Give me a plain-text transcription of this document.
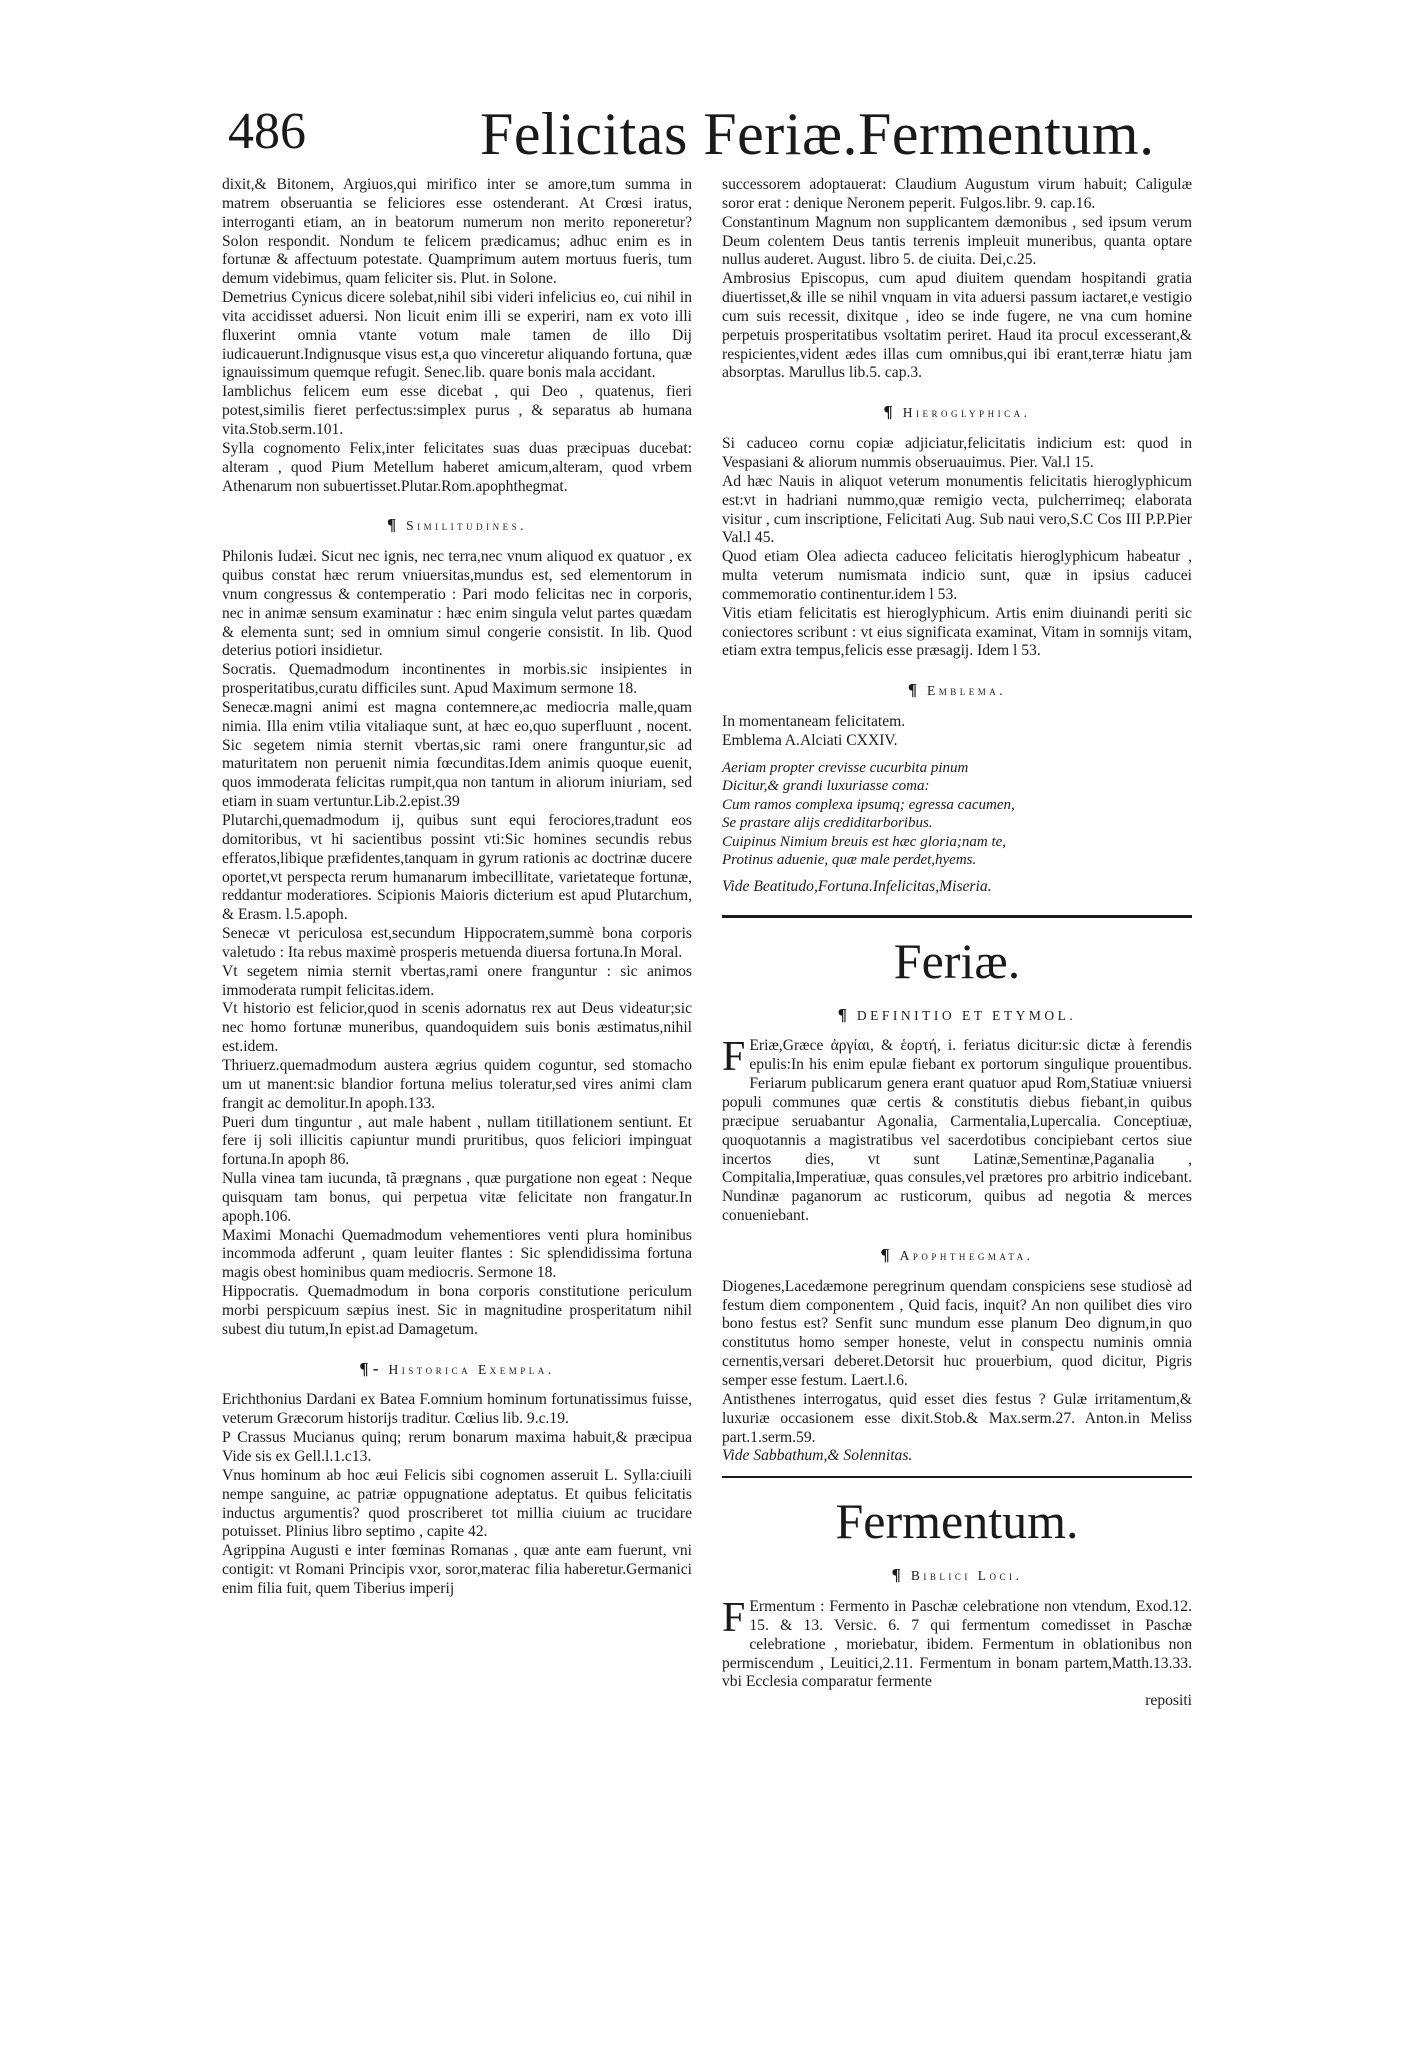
486	Felicitas Feriæ.Fermentum.

dixit,& Bitonem, Argiuos,qui mirifico inter se amore,tum summa in matrem obseruantia se feliciores esse ostenderant. At Crœsi iratus, interroganti etiam, an in beatorum numerum non merito reponeretur? Solon respondit. Nondum te felicem prædicamus; adhuc enim es in fortunæ & affectuum potestate. Quamprimum autem mortuus fueris, tum demum videbimus, quam feliciter sis. Plut. in Solone.

Demetrius Cynicus dicere solebat,nihil sibi videri infelicius eo, cui nihil in vita accidisset aduersi. Non licuit enim illi se experiri, nam ex voto illi fluxerint omnia vtante votum male tamen de illo Dij iudicauerunt.Indignusque visus est,a quo vinceretur aliquando fortuna, quæ ignauissimum quemque refugit. Senec.lib. quare bonis mala accidant.

Iamblichus felicem eum esse dicebat , qui Deo , quatenus, fieri potest,similis fieret perfectus:simplex purus , & separatus ab humana vita.Stob.serm.101.

Sylla cognomento Felix,inter felicitates suas duas præcipuas ducebat: alteram , quod Pium Metellum haberet amicum,alteram, quod vrbem Athenarum non subuertisset.Plutar.Rom.apophthegmat.

¶ Similitudines.

Philonis Iudæi. Sicut nec ignis, nec terra,nec vnum aliquod ex quatuor , ex quibus constat hæc rerum vniuersitas,mundus est, sed elementorum in vnum congressus & contemperatio : Pari modo felicitas nec in corporis, nec in animæ sensum examinatur : hæc enim singula velut partes quædam & elementa sunt; sed in omnium simul congerie consistit. In lib. Quod deterius potiori insidietur.

Socratis. Quemadmodum incontinentes in morbis.sic insipientes in prosperitatibus,curatu difficiles sunt. Apud Maximum sermone 18.

Senecæ.magni animi est magna contemnere,ac mediocria malle,quam nimia. Illa enim vtilia vitaliaque sunt, at hæc eo,quo superfluunt , nocent. Sic segetem nimia sternit vbertas,sic rami onere franguntur,sic ad maturitatem non peruenit nimia fœcunditas.Idem animis quoque euenit, quos immoderata felicitas rumpit,qua non tantum in aliorum iniuriam, sed etiam in suam vertuntur.Lib.2.epist.39

Plutarchi,quemadmodum ij, quibus sunt equi ferociores,tradunt eos domitoribus, vt hi sacientibus possint vti:Sic homines secundis rebus efferatos,libique præfidentes,tanquam in gyrum rationis ac doctrinæ ducere oportet,vt perspecta rerum humanarum imbecillitate, varietateque fortunæ, reddantur moderatiores. Scipionis Maioris dicterium est apud Plutarchum, & Erasm. l.5.apoph.

Senecæ vt periculosa est,secundum Hippocratem,summè bona corporis valetudo : Ita rebus maximè prosperis metuenda diuersa fortuna.In Moral.

Vt segetem nimia sternit vbertas,rami onere franguntur : sic animos immoderata rumpit felicitas.idem.

Vt historio est felicior,quod in scenis adornatus rex aut Deus videatur;sic nec homo fortunæ muneribus, quandoquidem suis bonis æstimatus,nihil est.idem.

Thriuerz.quemadmodum austera ægrius quidem coguntur, sed stomacho um ut manent:sic blandior fortuna melius toleratur,sed vires animi clam frangit ac demolitur.In apoph.133.

Pueri dum tinguntur , aut male habent , nullam titillationem sentiunt. Et fere ij soli illicitis capiuntur mundi pruritibus, quos feliciori impinguat fortuna.In apoph 86.

Nulla vinea tam iucunda, tã prægnans , quæ purgatione non egeat : Neque quisquam tam bonus, qui perpetua vitæ felicitate non frangatur.In apoph.106.

Maximi Monachi Quemadmodum vehementiores venti plura hominibus incommoda adferunt , quam leuiter flantes : Sic splendidissima fortuna magis obest hominibus quam mediocris. Sermone 18.

Hippocratis. Quemadmodum in bona corporis constitutione periculum morbi perspicuum sæpius inest. Sic in magnitudine prosperitatum nihil subest diu tutum,In epist.ad Damagetum.

¶ - Historica Exempla.

Erichthonius Dardani ex Batea F.omnium hominum fortunatissimus fuisse, veterum Græcorum historijs traditur. Cœlius lib. 9.c.19.

P Crassus Mucianus quinq; rerum bonarum maxima habuit,& præcipua Vide sis ex Gell.l.1.c13.

Vnus hominum ab hoc æui Felicis sibi cognomen asseruit L. Sylla:ciuili nempe sanguine, ac patriæ oppugnatione adeptatus. Et quibus felicitatis inductus argumentis? quod proscriberet tot millia ciuium ac trucidare potuisset. Plinius libro septimo , capite 42.

Agrippina Augusti e inter fœminas Romanas , quæ ante eam fuerunt, vni contigit: vt Romani Principis vxor, soror,materac filia haberetur.Germanici enim filia fuit, quem Tiberius imperij

successorem adoptauerat: Claudium Augustum virum habuit; Caligulæ soror erat : denique Neronem peperit. Fulgos.libr. 9. cap.16.

Constantinum Magnum non supplicantem dæmonibus , sed ipsum verum Deum colentem Deus tantis terrenis impleuit muneribus, quanta optare nullus auderet. August. libro 5. de ciuita. Dei,c.25.

Ambrosius Episcopus, cum apud diuitem quendam hospitandi gratia diuertisset,& ille se nihil vnquam in vita aduersi passum iactaret,e vestigio cum suis recessit, dixitque , ideo se inde fugere, ne vna cum homine perpetuis prosperitatibus vsoltatim periret. Haud ita procul excesserant,& respicientes,vident ædes illas cum omnibus,qui ibi erant,terræ hiatu jam absorptas. Marullus lib.5. cap.3.

¶ Hieroglyphica.

Si caduceo cornu copiæ adjiciatur,felicitatis indicium est: quod in Vespasiani & aliorum nummis obseruauimus. Pier. Val.l 15.

Ad hæc Nauis in aliquot veterum monumentis felicitatis hieroglyphicum est:vt in hadriani nummo,quæ remigio vecta, pulcherrimeq; elaborata visitur , cum inscriptione, Felicitati Aug. Sub naui vero,S.C Cos III P.P.Pier Val.l 45.

Quod etiam Olea adiecta caduceo felicitatis hieroglyphicum habeatur , multa veterum numismata indicio sunt, quæ in ipsius caducei commemoratio continentur.idem l 53.

Vitis etiam felicitatis est hieroglyphicum. Artis enim diuinandi periti sic coniectores scribunt : vt eius significata examinat, Vitam in somnijs vitam, etiam extra tempus,felicis esse præsagij. Idem l 53.

¶ Emblema.

In momentaneam felicitatem.

Emblema A.Alciati CXXIV.

Aeriam propter crevisse cucurbita pinum

Dicitur,& grandi luxuriasse coma:

Cum ramos complexa ipsumq; egressa cacumen,

Se prastare alijs crediditarboribus.

Cuipinus Nimium breuis est hæc gloria;nam te,

Protinus aduenie, quæ male perdet,hyems.

Vide Beatitudo,Fortuna.Infelicitas,Miseria.

Feriæ.
¶ DEFINITIO ET ETYMOL.

F Eriæ,Græce ἀργίαι, & ἑορτή, i. feriatus dicitur:sic dictæ à ferendis epulis:In his enim epulæ fiebant ex portorum singulique prouentibus. Feriarum publicarum genera erant quatuor apud Rom,Statiuæ vniuersi populi communes quæ certis & constitutis diebus fiebant,in quibus præcipue seruabantur Agonalia, Carmentalia,Lupercalia. Conceptiuæ, quoquotannis a magistratibus vel sacerdotibus concipiebant certos siue incertos dies, vt sunt Latinæ,Sementinæ,Paganalia , Compitalia,Imperatiuæ, quas consules,vel prætores pro arbitrio indicebant. Nundinæ paganorum ac rusticorum, quibus ad negotia & merces conueniebant.

¶ Apophthegmata.

Diogenes,Lacedæmone peregrinum quendam conspiciens sese studiosè ad festum diem componentem , Quid facis, inquit? An non quilibet dies viro bono festus est? Senfit sunc mundum esse planum Deo dignum,in quo constitutus homo semper honeste, velut in conspectu numinis omnia cernentis,versari deberet.Detorsit huc prouerbium, quod dicitur, Pigris semper esse festum. Laert.l.6.

Antisthenes interrogatus, quid esset dies festus ? Gulæ irritamentum,& luxuriæ occasionem esse dixit.Stob.& Max.serm.27. Anton.in Meliss part.1.serm.59.

Vide Sabbathum,& Solennitas.

Fermentum.
¶ Biblici Loci.

F Ermentum : Fermento in Paschæ celebratione non vtendum, Exod.12. 15. & 13. Versic. 6. 7 qui fermentum comedisset in Paschæ celebratione , moriebatur, ibidem. Fermentum in oblationibus non permiscendum , Leuitici,2.11. Fermentum in bonam partem,Matth.13.33. vbi Ecclesia comparatur fermente

repositi
